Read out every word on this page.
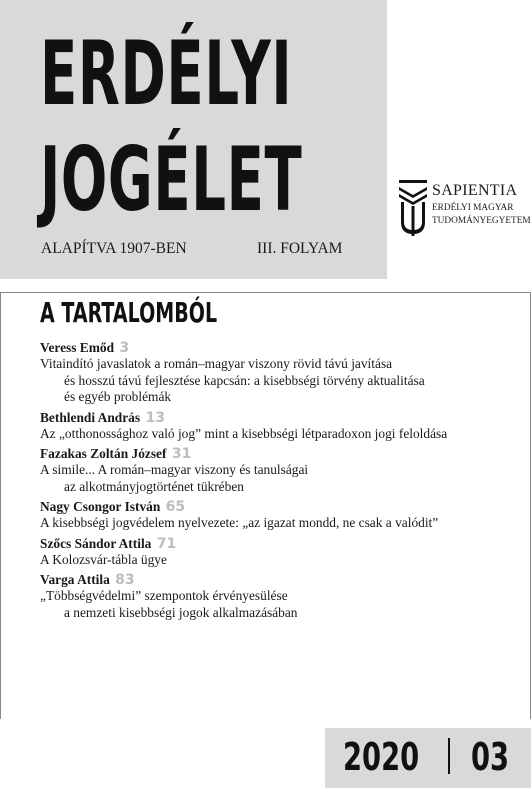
ERDÉLYI
JOGÉLET
ALAPÍTVA 1907-BEN	III. FOLYAM
SAPIENTIA
ERDÉLYI MAGYAR
TUDOMÁNYEGYETEM
A TARTALOMBÓL
Veress Emőd 3
Vitaindító javaslatok a román–magyar viszony rövid távú javítása
és hosszú távú fejlesztése kapcsán: a kisebbségi törvény aktualitása
és egyéb problémák
Bethlendi András 13
Az „otthonossághoz való jog” mint a kisebbségi létparadoxon jogi feloldása
Fazakas Zoltán József 31
A simile... A román–magyar viszony és tanulságai
az alkotmányjogtörténet tükrében
Nagy Csongor István 65
A kisebbségi jogvédelem nyelvezete: „az igazat mondd, ne csak a valódit”
Szőcs Sándor Attila 71
A Kolozsvár-tábla ügye
Varga Attila 83
„Többségvédelmi” szempontok érvényesülése
a nemzeti kisebbségi jogok alkalmazásában
2020 03
